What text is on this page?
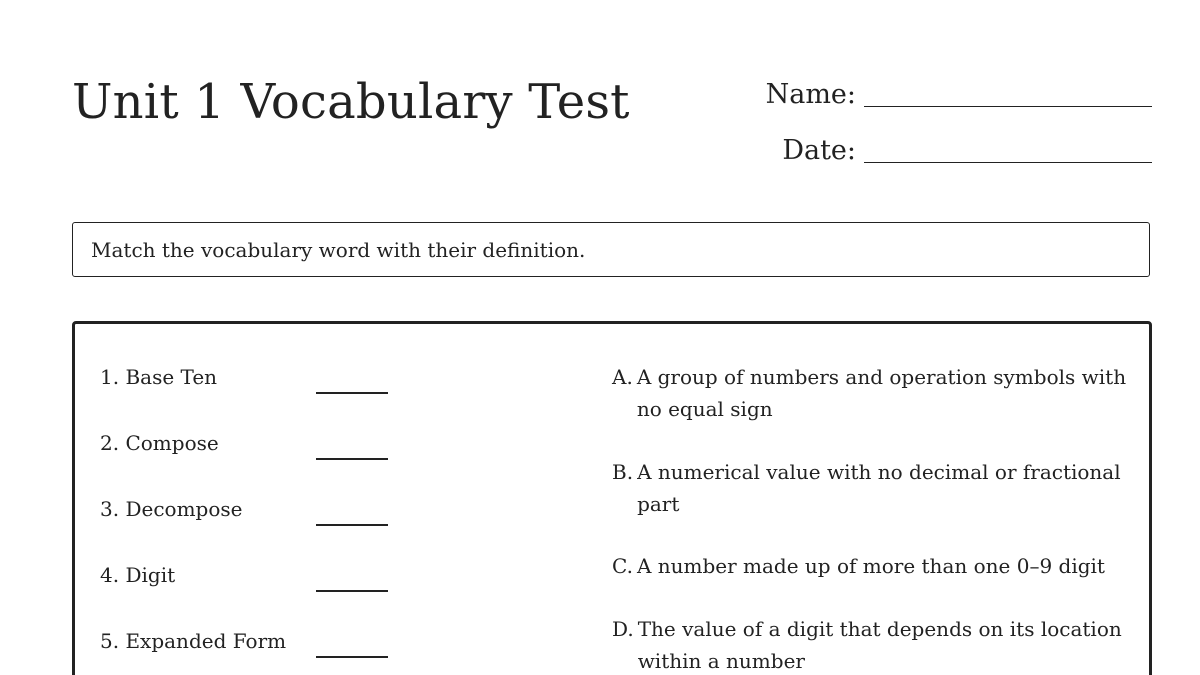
Unit 1 Vocabulary Test	Name:
Date:
Match the vocabulary word with their definition.
1. Base Ten
2. Compose
3. Decompose
4. Digit
5. Expanded Form
A. A group of numbers and operation symbols with no equal sign
B. A numerical value with no decimal or fractional part
C. A number made up of more than one 0–9 digit
D. The value of a digit that depends on its location within a number
